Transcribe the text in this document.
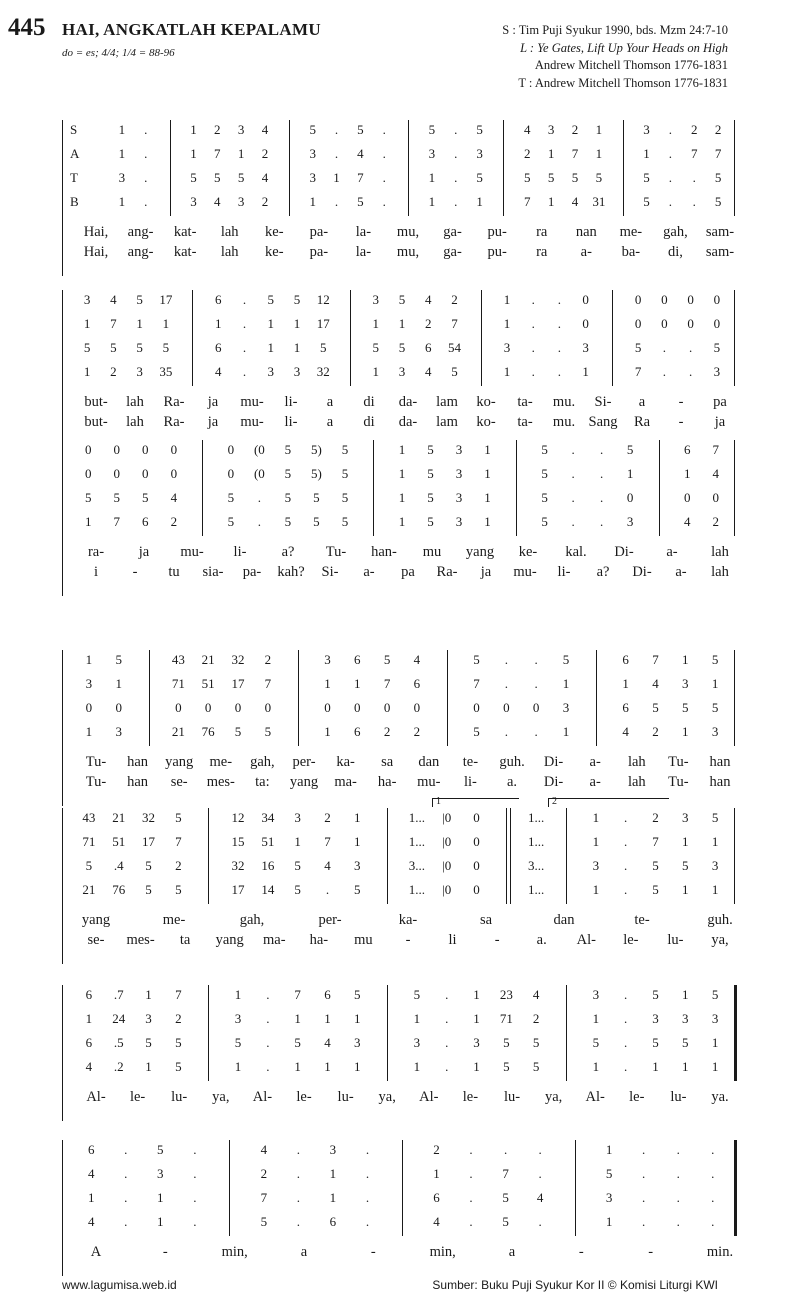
445 HAI, ANGKATLAH KEPALAMU
do = es; 4/4; 1/4 = 88-96
S : Tim Puji Syukur 1990, bds. Mzm 24:7-10
L : Ye Gates, Lift Up Your Heads on High
Andrew Mitchell Thomson 1776-1831
T : Andrew Mitchell Thomson 1776-1831
S	1	.	1	2	3	4	5	.	5	.	5	.	5	4	3	2	1	3	.	2	2
A	1	.	1	7	1	2	3	.	4	.	3	.	3	2	1	7	1	1	.	7	7
T	3	.	5	5	5	4	3	1	7	.	1	.	5	5	5	5	5	5	.	.	5
B	1	.	3	4	3	2	1	.	5	.	1	.	1	7	1	4	31	5	.	.	5
Hai, ang- kat- lah ke- pa- la- mu, ga- pu- ra nan me- gah, sam-
Hai, ang- kat- lah ke- pa- la- mu, ga- pu- ra a- ba- di, sam-
3	4	5	17	6	.	5	5	12	3	5	4	2	1	.	.	0	0	0	0	0
1	7	1	1	1	.	1	1	17	1	1	2	7	1	.	.	0	0	0	0	0
5	5	5	5	6	.	1	1	5	5	5	6	54	3	.	.	3	5	.	.	5
1	2	3	35	4	.	3	3	32	1	3	4	5	1	.	.	1	7	.	.	3
but- lah Ra- ja mu- li- a di da- lam ko- ta- mu. Si- a - pa
but- lah Ra- ja mu- li- a di da- lam ko- ta- mu. Sang Ra - ja
0	0	0	0	0	(0	5	5)	5	1	5	3	1	5	.	.	5	6	7
0	0	0	0	0	(0	5	5)	5	1	5	3	1	5	.	.	1	1	4
5	5	5	4	5	.	5	5	5	1	5	3	1	5	.	.	0	0	0
1	7	6	2	5	.	5	5	5	1	5	3	1	5	.	.	3	4	2
ra- ja mu- li- a? Tu- han- mu yang ke- kal. Di- a- lah
i - tu sia- pa- kah? Si- a- pa Ra- ja mu- li- a? Di- a- lah
1	5	43	21	32	2	3	6	5	4	5	.	.	5	6	7	1	5
3	1	71	51	17	7	1	1	7	6	7	.	.	1	1	4	3	1
0	0	0	0	0	0	0	0	0	0	0	0	0	3	6	5	5	5
1	3	21	76	5	5	1	6	2	2	5	.	.	1	4	2	1	3
Tu- han yang me- gah, per- ka- sa dan te- guh. Di- a- lah Tu- han
Tu- han se- mes- ta: yang ma- ha- mu- li- a. Di- a- lah Tu- han
43	21	32	5	12	34	3	2	1	1...	|0	0	1...	1	.	2	3	5
71	51	17	7	15	51	1	7	1	1...	|0	0	1...	1	.	7	1	1
5	.4	5	2	32	16	5	4	3	3...	|0	0	3...	3	.	5	5	3
21	76	5	5	17	14	5	.	5	1...	|0	0	1...	1	.	5	1	1
1	2
yang	me-	gah,	per-	ka-	sa	dan	te-	guh.
se- mes- ta yang ma- ha- mu -	li	-	a. Al- le- lu- ya,
6	.7	1	7	1	.	7	6	5	5	.	1	23	4	3	.	5	1	5
1	24	3	2	3	.	1	1	1	1	.	1	71	2	1	.	3	3	3
6	.5	5	5	5	.	5	4	3	3	.	3	5	5	5	.	5	5	1
4	.2	1	5	1	.	1	1	1	1	.	1	5	5	1	.	1	1	1
Al- le- lu- ya, Al- le- lu- ya, Al- le- lu- ya, Al- le- lu- ya.
6	.	5	.	4	.	3	.	2	.	.	.	1	.	.	.
4	.	3	.	2	.	1	.	1	.	7	.	5	.	.	.
1	.	1	.	7	.	1	.	6	.	5	4	3	.	.	.
4	.	1	.	5	.	6	.	4	.	5	.	1	.	.	.
A	-	min,	a	-	min,	a	-	-	min.
www.lagumisa.web.id	Sumber: Buku Puji Syukur Kor II © Komisi Liturgi KWI
